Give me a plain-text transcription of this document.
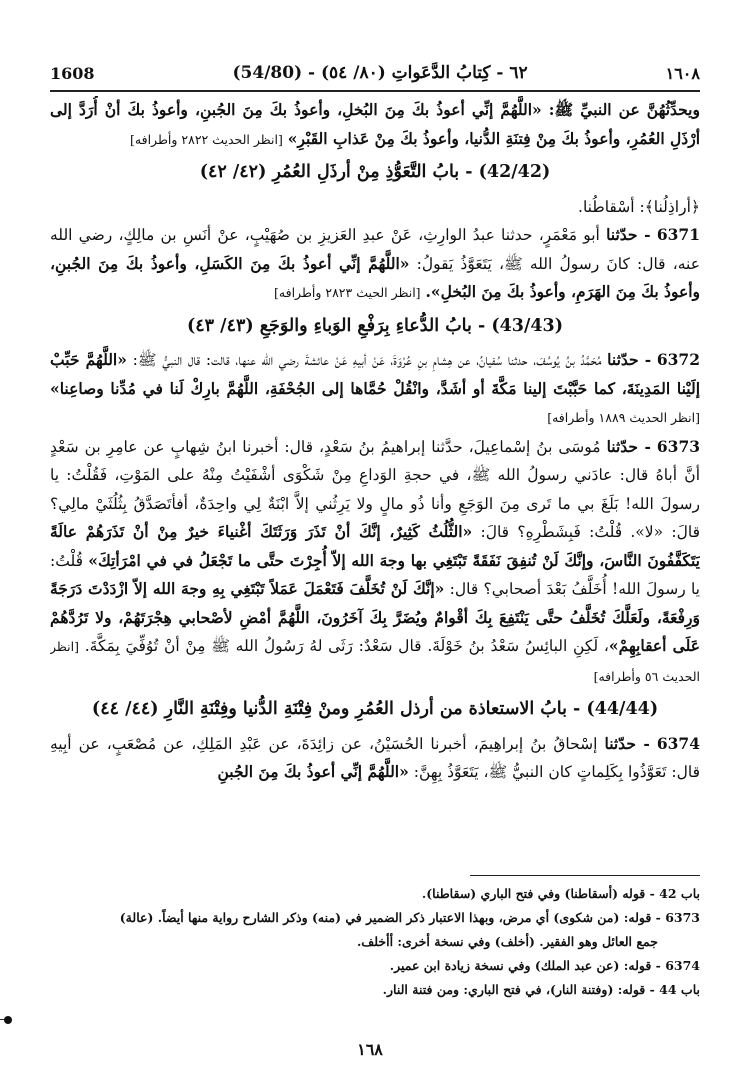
1608	٦٢ - كِتابُ الدَّعَواتِ (٨٠/ ٥٤) - (54/80)	١٦٠٨

ويحدِّثُهُنَّ عن النبيِّ ﷺ: «اللَّهُمَّ إنِّي أعوذُ بكَ مِنَ البُخلِ، وأعوذُ بكَ مِنَ الجُبنِ، وأعوذُ بكَ أنْ أُرَدَّ إلى أرْذَلِ العُمُرِ، وأعوذُ بكَ مِنْ فِتنَةِ الدُّنيا، وأعوذُ بكَ مِنْ عَذابِ القَبْرِ» [انظر الحديث ٢٨٢٢ وأطرافه]

(42/42) - بابُ التَّعَوُّذِ مِنْ أرذَلِ العُمُرِ (٤٢/ ٤٢)

﴿أراذِلُنا﴾: أسْقاطُنا.

6371 - حدّثنا أبو مَعْمَرٍ، حدثنا عبدُ الوارِثِ، عَنْ عبدِ العَزيزِ بن صُهَيْبٍ، عنْ أنَسِ بن مالِكٍ، رضي الله عنه، قال: كانَ رسولُ الله ﷺ، يَتَعَوَّذُ يَقولُ: «اللَّهُمَّ إنِّي أعوذُ بكَ مِنَ الكَسَلِ، وأعوذُ بكَ مِنَ الجُبنِ، وأعوذُ بكَ مِنَ الهَرَمِ، وأعوذُ بكَ مِنَ البُخلِ». [انظر الحيث ٢٨٢٣ وأطرافه]

(43/43) - بابُ الدُّعاءِ بِرَفْعِ الوَباءِ والوَجَعِ (٤٣/ ٤٣)

6372 - حدّثنا مُحَمَّدُ بنُ يُوسُفَ، حدثنا سُفيانُ، عن هِشامِ بنِ عُرْوَةَ، عَنْ أبيهِ عَنْ عائشةَ رضي الله عنها، قالت: قال النبيُّ ﷺ: «اللَّهُمَّ حَبِّبْ إلَيْنا المَدِينَةَ، كما حَبَّبْتَ إلينا مَكَّةَ أو أشَدَّ، وانْقُلْ حُمَّاها إلى الجُحْفَةِ، اللَّهُمَّ بارِكْ لَنا في مُدِّنا وصاعِنا» [انظر الحديث ١٨٨٩ وأطرافه]

6373 - حدّثنا مُوسَى بنُ إسْماعِيلَ، حدَّثنا إبراهيمُ بنُ سَعْدٍ، قال: أخبرنا ابنُ شِهابٍ عن عامِرِ بن سَعْدٍ أنَّ أباهُ قال: عادَني رسولُ الله ﷺ، في حجةِ الوَداعِ مِنْ شَكْوَى أشْفَيْتُ مِنْهُ على المَوْتِ، فَقُلْتُ: يا رسولَ الله! بَلَغَ بي ما تَرى مِنَ الوَجَعِ وأنا ذُو مالٍ ولا يَرِثُني إلاَّ ابْنَةٌ لِي واحِدَةٌ، أفأتَصَدَّقُ بِثُلُثَيْ مالِي؟ قالَ: «لا». قُلْتُ: فَبِشَطْرِهِ؟ قالَ: «الثُّلُثُ كَثِيرٌ، إنَّكَ أنْ تَذَرَ وَرَثَتَكَ أغْنياءَ خيرٌ مِنْ أنْ تَذَرَهُمْ عالَةً يَتَكَفَّفُونَ النَّاسَ، وإنَّكَ لَنْ تُنفِقَ نَفَقَةً تَبْتَغِي بها وجهَ الله إلاّ أُجِرْتَ حتَّى ما تَجْعَلُ في في امْرَأتِكَ» قُلْتُ: يا رسولَ الله! أُخَلَّفُ بَعْدَ أصحابي؟ قال: «إنَّكَ لَنْ تُخَلَّفَ فَتَعْمَلَ عَمَلاً تَبْتَغِي بِهِ وجهَ الله إلاّ ازْدَدْتَ دَرَجَةً وَرِفْعَةً، ولَعَلَّكَ تُخَلَّفُ حتَّى يَنْتَفِعَ بِكَ أقْوامٌ ويُضَرَّ بِكَ آخَرُونَ، اللَّهُمَّ أمْضِ لأصْحابي هِجْرَتَهُمْ، ولا تَرُدَّهُمْ عَلَى أعقابِهِمْ»، لَكِنِ البائِسُ سَعْدُ بنُ خَوْلَةَ. قال سَعْدٌ: رَثَى لهُ رَسُولُ الله ﷺ مِنْ أنْ تُوُفِّيَ بِمَكَّةَ. [انظر الحديث ٥٦ وأطرافه]

(44/44) - بابُ الاستعاذة من أرذل العُمُرِ ومنْ فِتْنَةِ الدُّنيا وفِتْنَةِ النَّارِ (٤٤/ ٤٤)

6374 - حدّثنا إسْحاقُ بنُ إبراهِيمَ، أخبرنا الحُسَيْنُ، عن زائِدَةَ، عن عَبْدِ المَلِكِ، عن مُصْعَبٍ، عن أبِيهِ قال: تَعَوَّذُوا بِكَلِماتٍ كان النبيُّ ﷺ، يَتَعَوَّذُ بِهِنَّ: «اللَّهُمَّ إنِّي أعوذُ بكَ مِنَ الجُبنِ

باب 42 - قوله (أسقاطنا) وفي فتح الباري (سقاطنا).

6373 - قوله: (من شكوى) أي مرض، وبهذا الاعتبار ذكر الضمير في (منه) وذكر الشارح رواية منها أيضاً. (عالة)

جمع العائل وهو الفقير. (أخلف) وفي نسخة أخرى: أأخلف.

6374 - قوله: (عن عبد الملك) وفي نسخة زيادة ابن عمير.

باب 44 - قوله: (وفتنة النار)، في فتح الباري: ومن فتنة النار.

١٦٨
